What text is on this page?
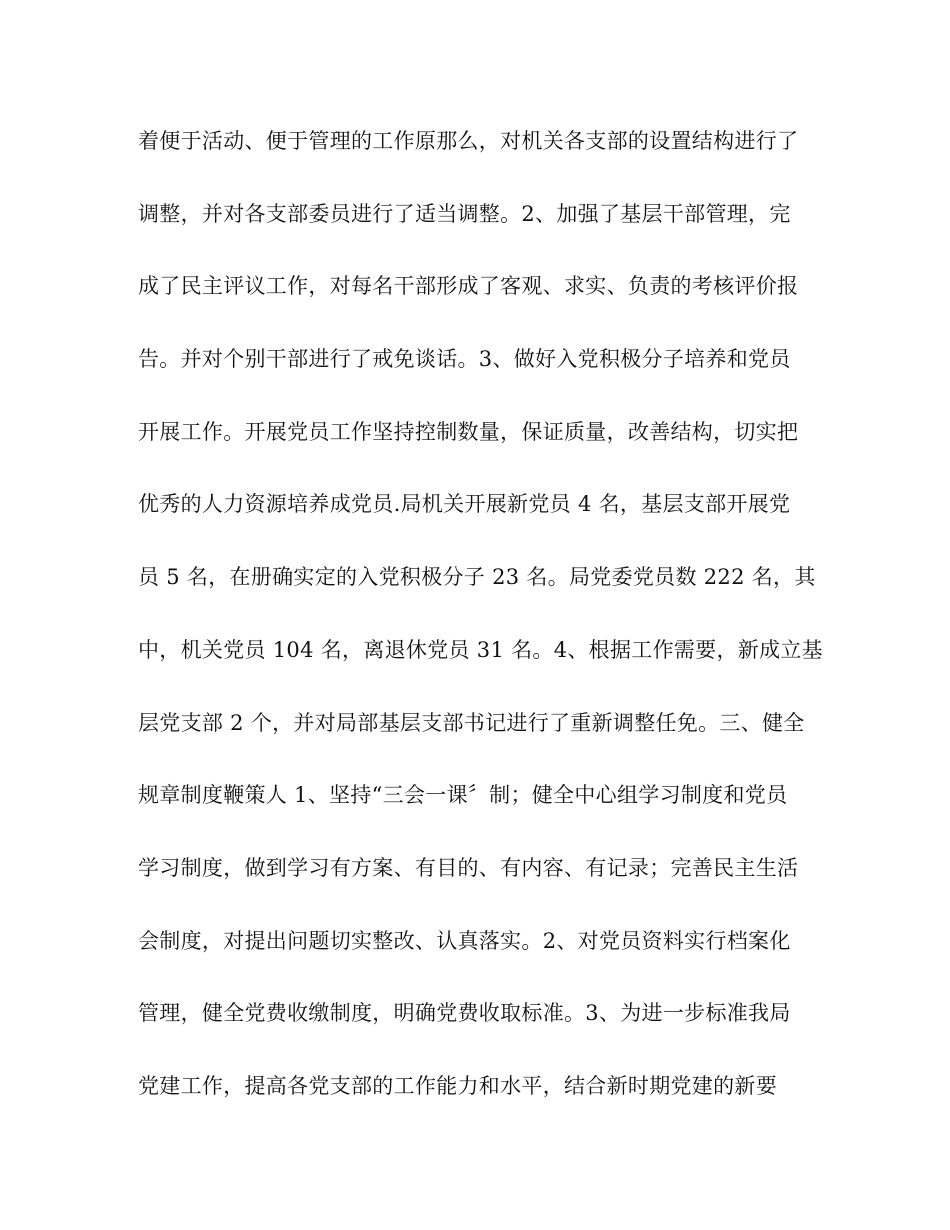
着便于活动、便于管理的工作原那么，对机关各支部的设置结构进行了
调整，并对各支部委员进行了适当调整。2、加强了基层干部管理，完
成了民主评议工作，对每名干部形成了客观、求实、负责的考核评价报
告。并对个别干部进行了戒免谈话。3、做好入党积极分子培养和党员
开展工作。开展党员工作坚持控制数量，保证质量，改善结构，切实把
优秀的人力资源培养成党员.局机关开展新党员 4 名，基层支部开展党
员 5 名，在册确实定的入党积极分子 23 名。局党委党员数 222 名，其
中，机关党员 104 名，离退休党员 31 名。4、根据工作需要，新成立基
层党支部 2 个，并对局部基层支部书记进行了重新调整任免。三、健全
规章制度鞭策人 1、坚持“三会一课〞制；健全中心组学习制度和党员
学习制度，做到学习有方案、有目的、有内容、有记录；完善民主生活
会制度，对提出问题切实整改、认真落实。2、对党员资料实行档案化
管理，健全党费收缴制度，明确党费收取标准。3、为进一步标准我局
党建工作，提高各党支部的工作能力和水平，结合新时期党建的新要
